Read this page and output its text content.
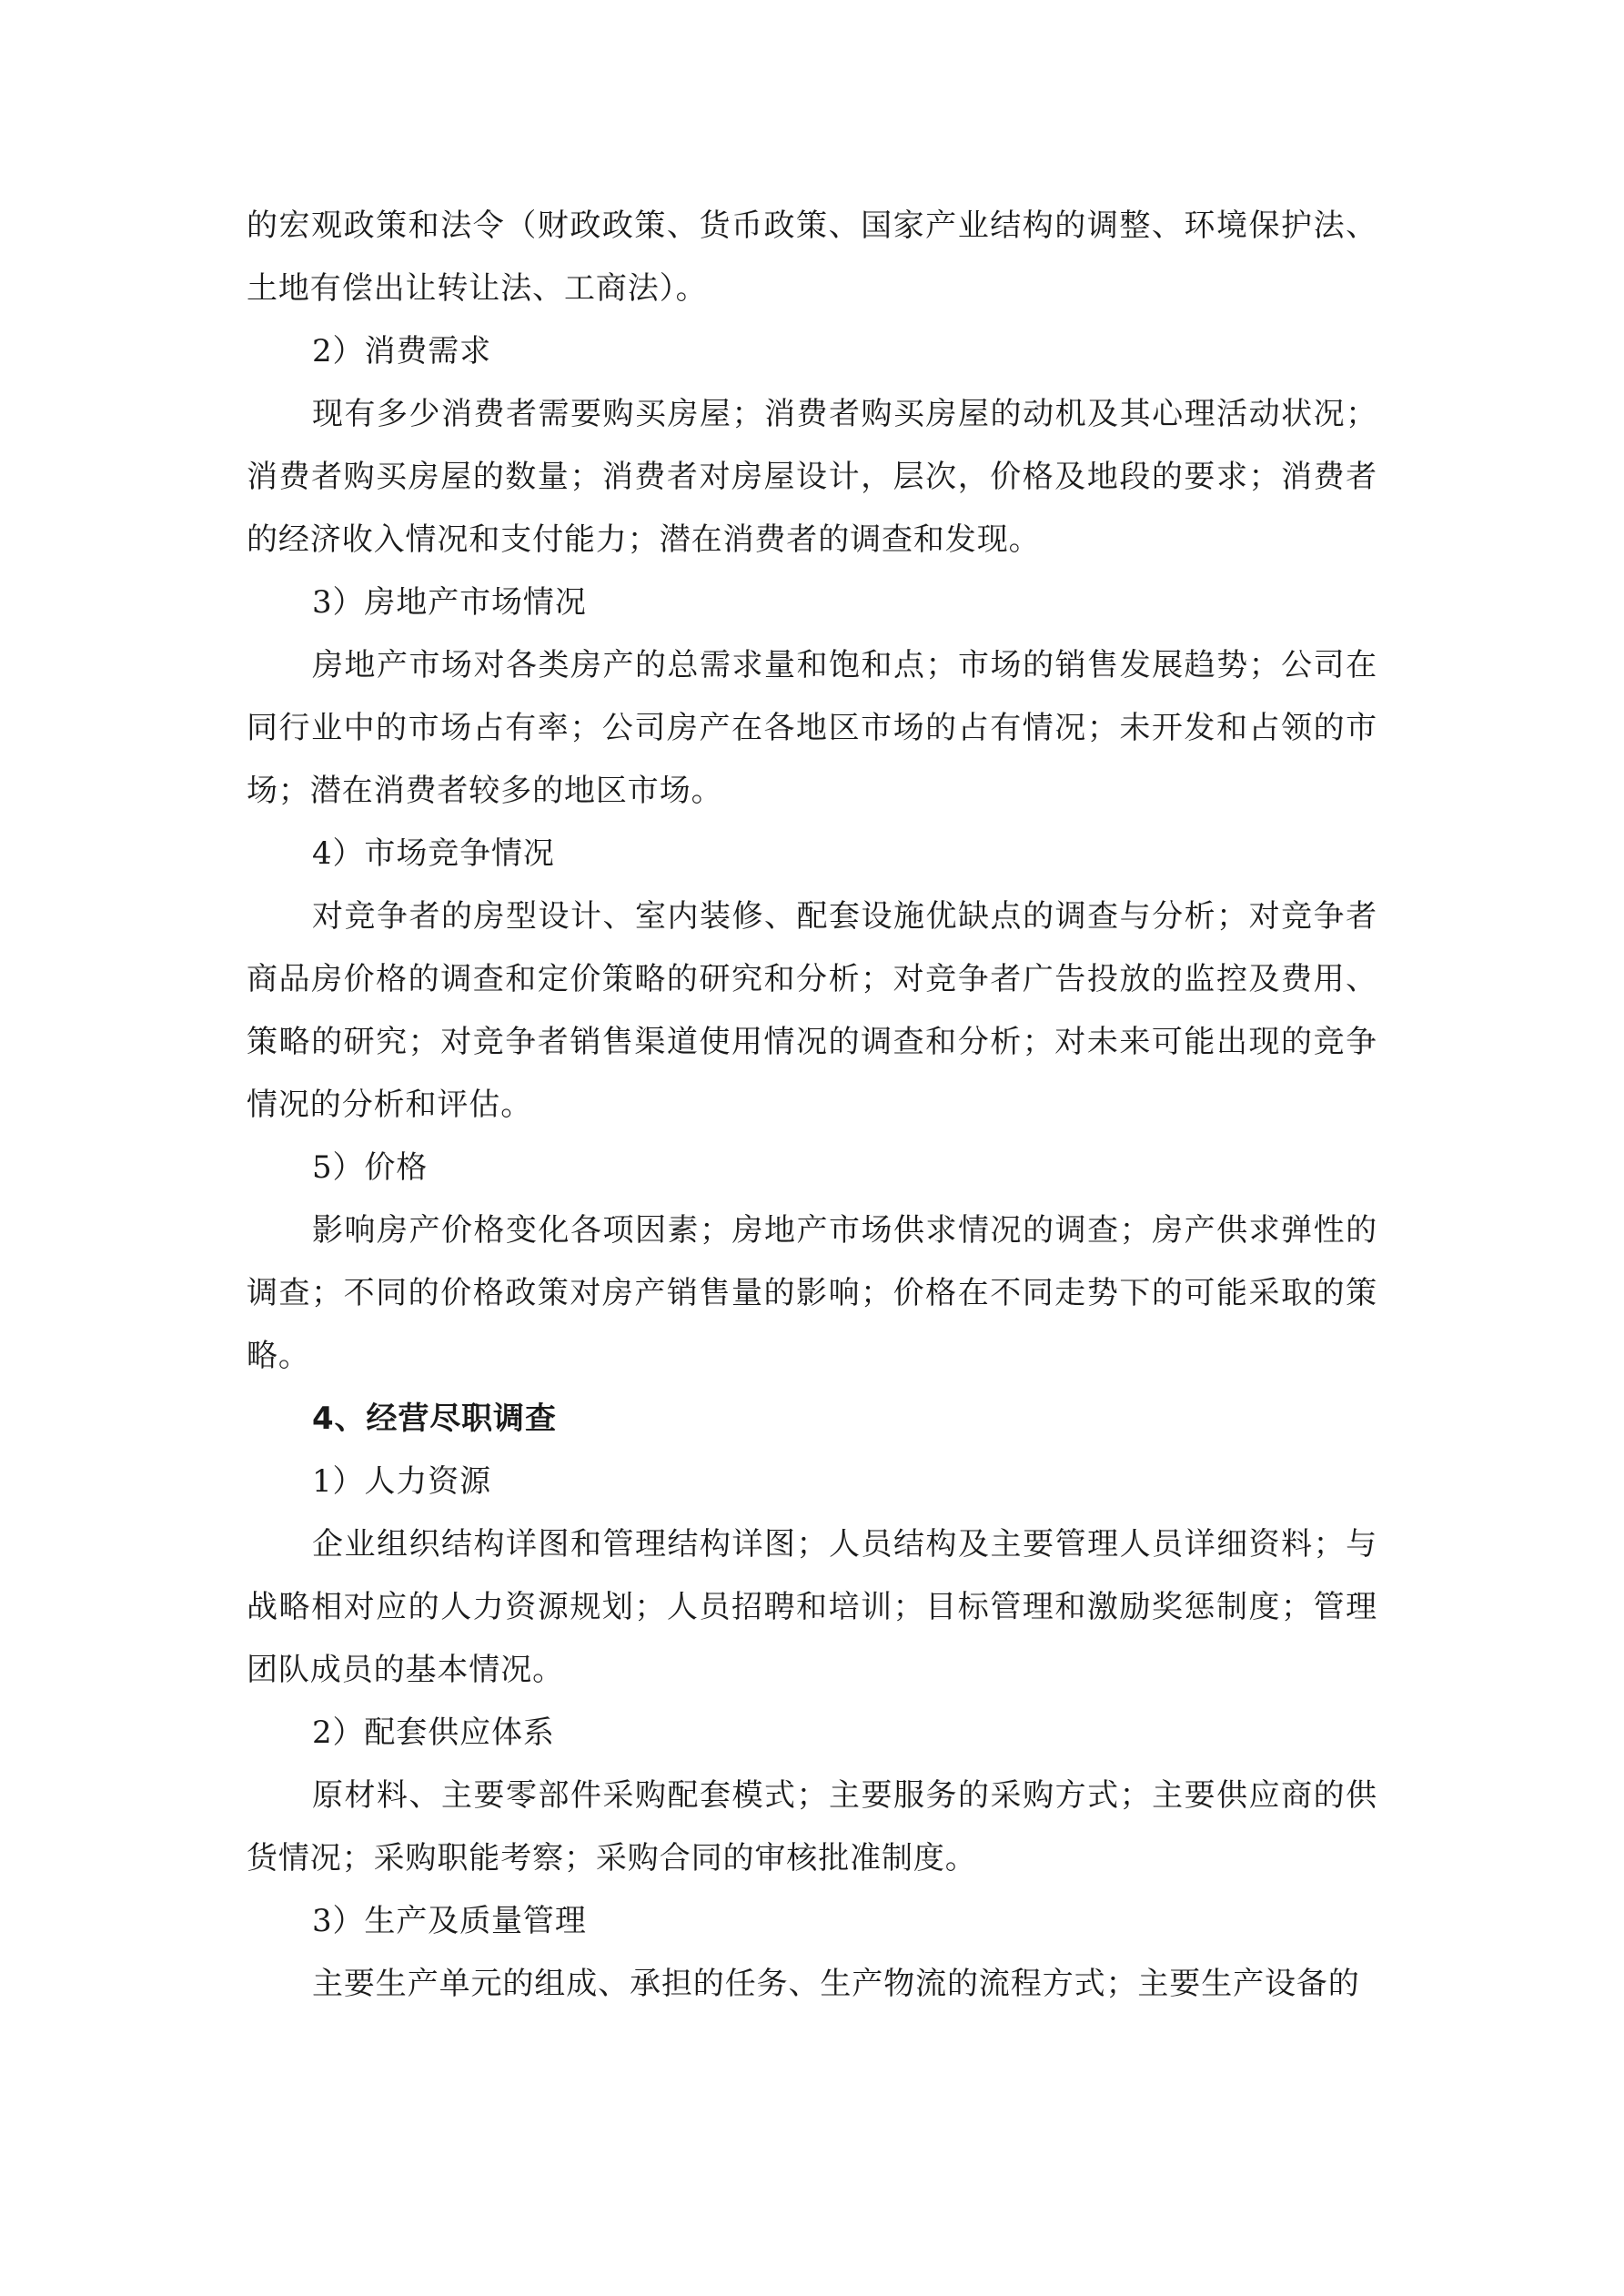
的宏观政策和法令（财政政策、货币政策、国家产业结构的调整、环境保护法、土地有偿出让转让法、工商法）。

2）消费需求

现有多少消费者需要购买房屋；消费者购买房屋的动机及其心理活动状况；消费者购买房屋的数量；消费者对房屋设计，层次，价格及地段的要求；消费者的经济收入情况和支付能力；潜在消费者的调查和发现。

3）房地产市场情况

房地产市场对各类房产的总需求量和饱和点；市场的销售发展趋势；公司在同行业中的市场占有率；公司房产在各地区市场的占有情况；未开发和占领的市场；潜在消费者较多的地区市场。

4）市场竞争情况

对竞争者的房型设计、室内装修、配套设施优缺点的调查与分析；对竞争者商品房价格的调查和定价策略的研究和分析；对竞争者广告投放的监控及费用、策略的研究；对竞争者销售渠道使用情况的调查和分析；对未来可能出现的竞争情况的分析和评估。

5）价格

影响房产价格变化各项因素；房地产市场供求情况的调查；房产供求弹性的调查；不同的价格政策对房产销售量的影响；价格在不同走势下的可能采取的策略。

4、经营尽职调查

1）人力资源

企业组织结构详图和管理结构详图；人员结构及主要管理人员详细资料；与战略相对应的人力资源规划；人员招聘和培训；目标管理和激励奖惩制度；管理团队成员的基本情况。

2）配套供应体系

原材料、主要零部件采购配套模式；主要服务的采购方式；主要供应商的供货情况；采购职能考察；采购合同的审核批准制度。

3）生产及质量管理

主要生产单元的组成、承担的任务、生产物流的流程方式；主要生产设备的
